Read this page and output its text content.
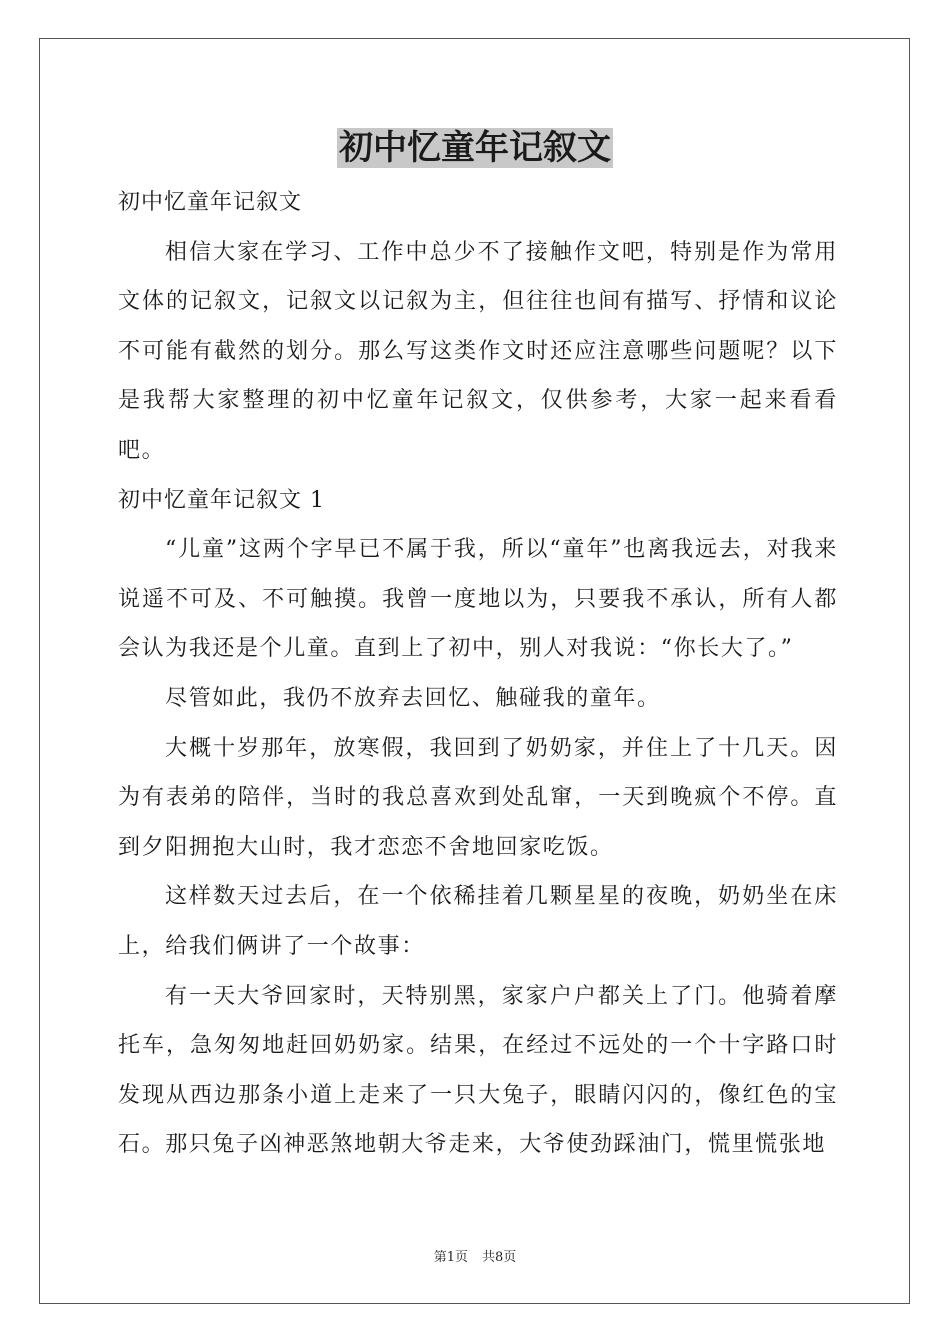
初中忆童年记叙文

初中忆童年记叙文

相信大家在学习、工作中总少不了接触作文吧，特别是作为常用文体的记叙文，记叙文以记叙为主，但往往也间有描写、抒情和议论不可能有截然的划分。那么写这类作文时还应注意哪些问题呢？以下是我帮大家整理的初中忆童年记叙文，仅供参考，大家一起来看看吧。

初中忆童年记叙文 1

“儿童”这两个字早已不属于我，所以“童年”也离我远去，对我来说遥不可及、不可触摸。我曾一度地以为，只要我不承认，所有人都会认为我还是个儿童。直到上了初中，别人对我说：“你长大了。”

尽管如此，我仍不放弃去回忆、触碰我的童年。

大概十岁那年，放寒假，我回到了奶奶家，并住上了十几天。因为有表弟的陪伴，当时的我总喜欢到处乱窜，一天到晚疯个不停。直到夕阳拥抱大山时，我才恋恋不舍地回家吃饭。

这样数天过去后，在一个依稀挂着几颗星星的夜晚，奶奶坐在床上，给我们俩讲了一个故事：

有一天大爷回家时，天特别黑，家家户户都关上了门。他骑着摩托车，急匆匆地赶回奶奶家。结果，在经过不远处的一个十字路口时发现从西边那条小道上走来了一只大兔子，眼睛闪闪的，像红色的宝石。那只兔子凶神恶煞地朝大爷走来，大爷使劲踩油门，慌里慌张地

第1页 共8页
